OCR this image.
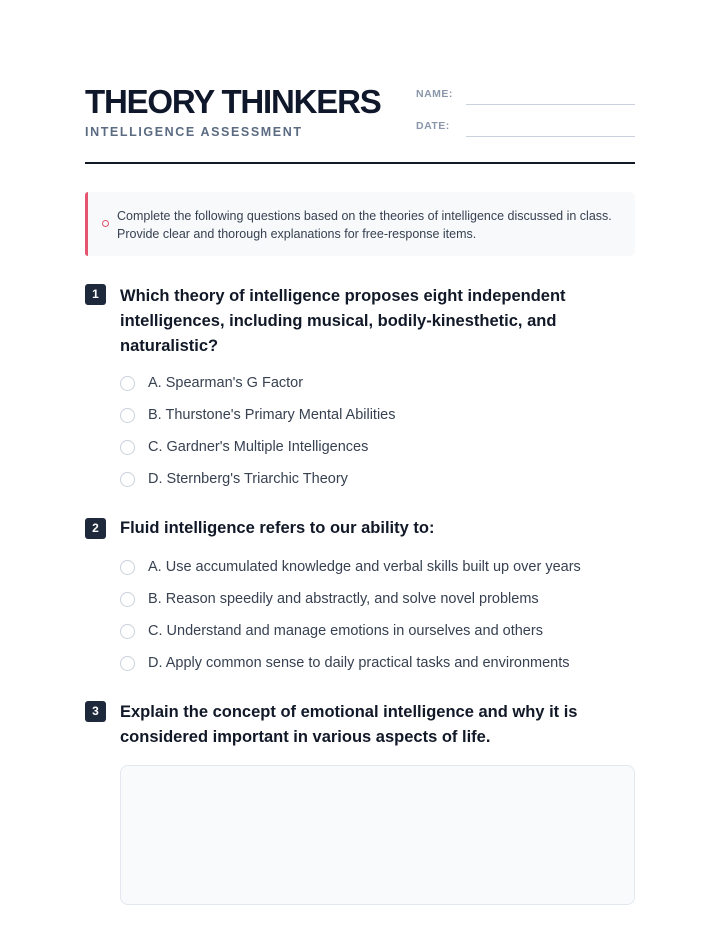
THEORY THINKERS
INTELLIGENCE ASSESSMENT
NAME:
DATE:
Complete the following questions based on the theories of intelligence discussed in class. Provide clear and thorough explanations for free-response items.
1	Which theory of intelligence proposes eight independent intelligences, including musical, bodily-kinesthetic, and naturalistic?
A. Spearman's G Factor
B. Thurstone's Primary Mental Abilities
C. Gardner's Multiple Intelligences
D. Sternberg's Triarchic Theory
2	Fluid intelligence refers to our ability to:
A. Use accumulated knowledge and verbal skills built up over years
B. Reason speedily and abstractly, and solve novel problems
C. Understand and manage emotions in ourselves and others
D. Apply common sense to daily practical tasks and environments
3	Explain the concept of emotional intelligence and why it is considered important in various aspects of life.
